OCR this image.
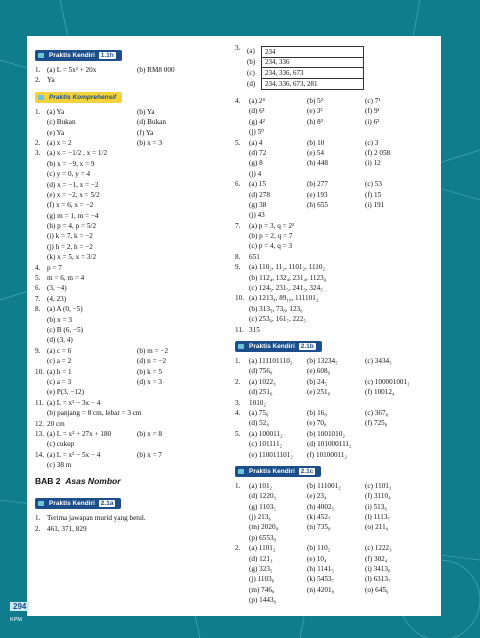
Praktis Kendiri 1.1h
1. (a) L = 5x² + 20x	(b) RM8 000
2. Ya
Praktis Komprehensif
1. (a) Ya	(b) Ya
(c) Bukan	(d) Bukan
(e) Ya	(f) Ya
2. (a) x = 2	(b) x = 3
3. (a) x = −1/2 , x = 1/2
(b) x = −9, x = 9
(c) y = 0, y = 4
(d) x = −1, x = −2
(e) x = −2, x = 5/2
(f) x = 6, x = −2
(g) m = 1, m = −4
(h) p = 4, p = 5/2
(i) k = 7, k = −2
(j) h = 2, h = −2
(k) x = 5, x = 3/2
4. p = 7
5. m = 6, m = 4
6. (3, −4)
7. (4, 23)
8. (a) A (0, −5)
(b) x = 3
(c) B (6, −5)
(d) (3, 4)
9. (a) c = 6	(b) m = −2
(c) a = 2	(d) n = −2
10. (a) h = 1	(b) k = 5
(c) a = 3	(d) x = 3
(e) P(3, −12)
11. (a) L = x² − 3x − 4
(b) panjang = 8 cm, lebar = 3 cm
12. 20 cm
13. (a) L = x² + 27x + 180	(b) x = 8
(c) cukup
14. (a) L = x² − 5x − 4	(b) x = 7
(c) 38 m
BAB 2 Asas Nombor
Praktis Kendiri 2.1a
1. Terima jawapan murid yang betul.
2. 461, 371, 829
3. (a)	234
(b)	234, 336
(c)	234, 336, 673
(d)	234, 336, 673, 281
4. (a) 2⁴	(b) 5²	(c) 7¹
(d) 6¹	(e) 3²	(f) 9¹
(g) 4²	(h) 8³	(i) 6²
(j) 5⁰
5. (a) 4	(b) 10	(c) 3
(d) 72	(e) 54	(f) 2 058
(g) 8	(h) 448	(i) 12
(j) 4
6. (a) 15	(b) 277	(c) 53
(d) 278	(e) 193	(f) 15
(g) 38	(h) 655	(i) 191
(j) 43
7. (a) p = 3, q = 2²
(b) p = 2, q = 7
(c) p = 4, q = 3
8. 651
9. (a) 110₂, 11₂, 1101₂, 1110₂
(b) 112₄, 132₄, 231₄, 1123₄
(c) 124₅, 231₅, 241₅, 324₅
10. (a) 1213₄, 89₁₀, 111101₂
(b) 313₅, 73₈, 123₆
(c) 253₆, 161₇, 222₅
11. 315
Praktis Kendiri 2.1b
1. (a) 111101110₂ (b) 13234₅	(c) 3434₅
(d) 756₈	(e) 608₉
2. (a) 1022₃	(b) 24₅	(c) 100001001₂
(d) 251₆	(e) 251₈	(f) 10012₄
3. 1010₂
4. (a) 75₈	(b) 16₈	(c) 367₈
(d) 52₈	(e) 70₈	(f) 725₈
5. (a) 100011₂	(b) 1001010₂
(c) 101111₂	(d) 101000111₂
(e) 110011101₂ (f) 10100011₂
Praktis Kendiri 2.1c
1. (a) 101₂	(b) 111001₂	(c) 1101₃
(d) 1220₃	(e) 23₄	(f) 3110₄
(g) 1103₅	(h) 4002₅	(i) 513₆
(j) 213₆	(k) 452₇	(l) 1113₇
(m) 2020₈	(n) 735₈	(o) 211₉
(p) 6553₉
2. (a) 1101₂	(b) 110₂	(c) 1222₃
(d) 121₃	(e) 10₄	(f) 302₄
(g) 323₅	(h) 1141₅	(i) 3413₆
(j) 1103₆	(k) 5453₇	(l) 6313₇
(m) 746₈	(n) 4201₈	(o) 645₉
(p) 1443₉
294
KPM
